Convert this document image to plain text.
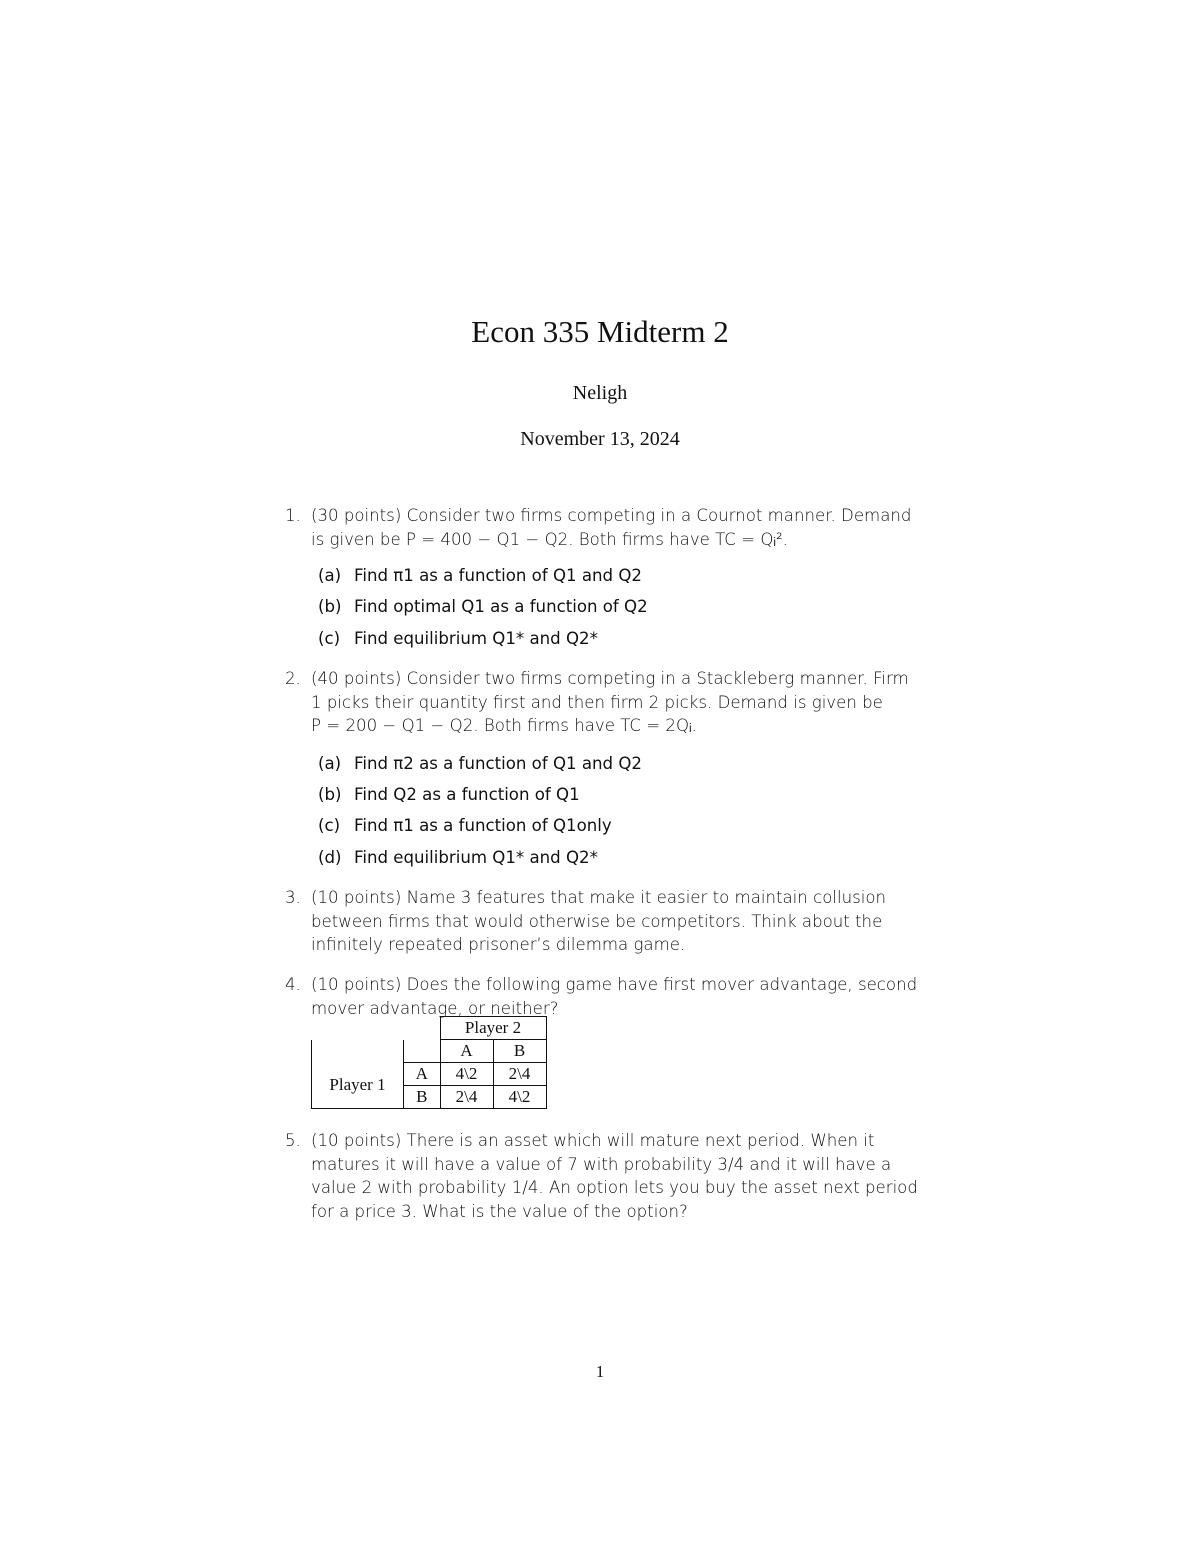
Econ 335 Midterm 2
Neligh
November 13, 2024
1. (30 points) Consider two firms competing in a Cournot manner. Demand
is given be P = 400 − Q1 − Q2. Both firms have TC = Qᵢ².
(a) Find π1 as a function of Q1 and Q2
(b) Find optimal Q1 as a function of Q2
(c) Find equilibrium Q1* and Q2*
2. (40 points) Consider two firms competing in a Stackleberg manner. Firm
1 picks their quantity first and then firm 2 picks. Demand is given be
P = 200 − Q1 − Q2. Both firms have TC = 2Qᵢ.
(a) Find π2 as a function of Q1 and Q2
(b) Find Q2 as a function of Q1
(c) Find π1 as a function of Q1only
(d) Find equilibrium Q1* and Q2*
3. (10 points) Name 3 features that make it easier to maintain collusion
between firms that would otherwise be competitors. Think about the
infinitely repeated prisoner’s dilemma game.
4. (10 points) Does the following game have first mover advantage, second
mover advantage, or neither?
		Player 2	
		A	B
Player 1	A	4\2	2\4
	B	2\4	4\2
5. (10 points) There is an asset which will mature next period. When it
matures it will have a value of 7 with probability 3/4 and it will have a
value 2 with probability 1/4. An option lets you buy the asset next period
for a price 3. What is the value of the option?
1
